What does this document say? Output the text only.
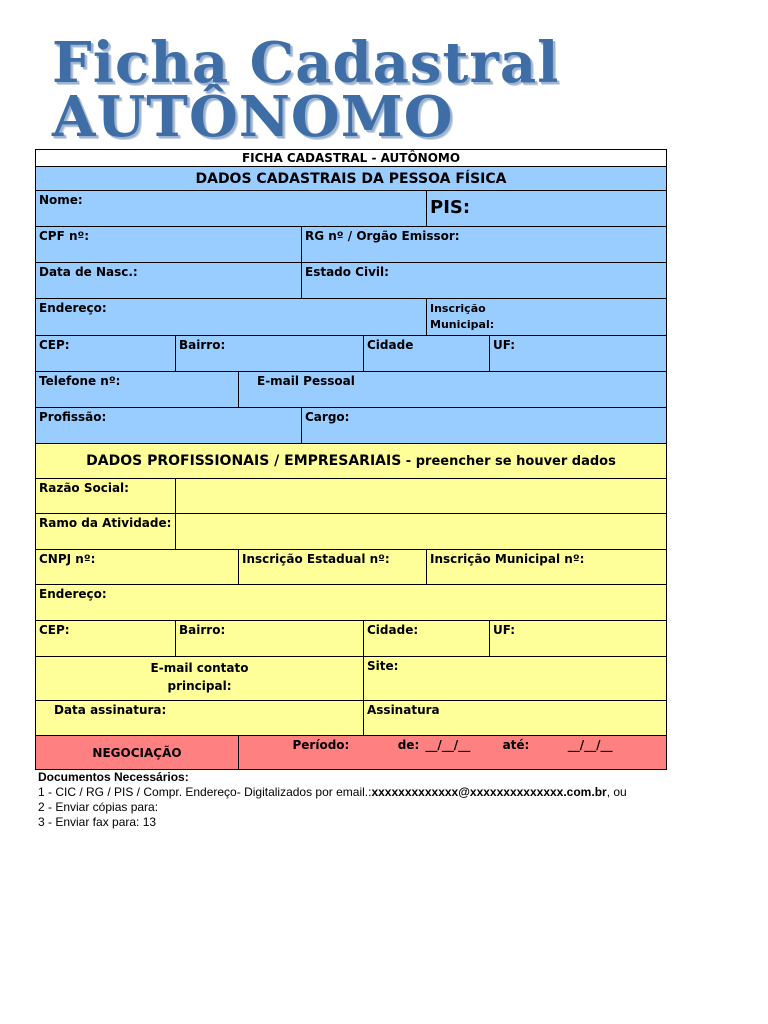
Ficha Cadastral
AUTÔNOMO
FICHA CADASTRAL - AUTÔNOMO						
DADOS CADASTRAIS DA PESSOA FÍSICA						
Nome:					PIS:	
CPF nº:			RG nº / Orgão Emissor:			
Data de Nasc.:			Estado Civil:			
Endereço:					Inscrição
Municipal:	

CEP:	Bairro:			Cidade		UF:
Telefone nº:		E-mail Pessoal				
Profissão:			Cargo:			
DADOS PROFISSIONAIS / EMPRESARIAIS - preencher se houver dados						
Razão Social:						
Ramo da Atividade:						
CNPJ nº:		Inscrição Estadual nº:			Inscrição Municipal nº:	
Endereço:						
CEP:	Bairro:			Cidade:		UF:

E-mail contato
principal:				Site:		
Data assinatura:				Assinatura		
NEGOCIAÇÃO		Período: de: __/__/__ até: __/__/__				
Documentos Necessários:
1 - CIC / RG / PIS / Compr. Endereço- Digitalizados por email.:xxxxxxxxxxxxx@xxxxxxxxxxxxxx.com.br, ou
2 - Enviar cópias para:
3 - Enviar fax para: 13
